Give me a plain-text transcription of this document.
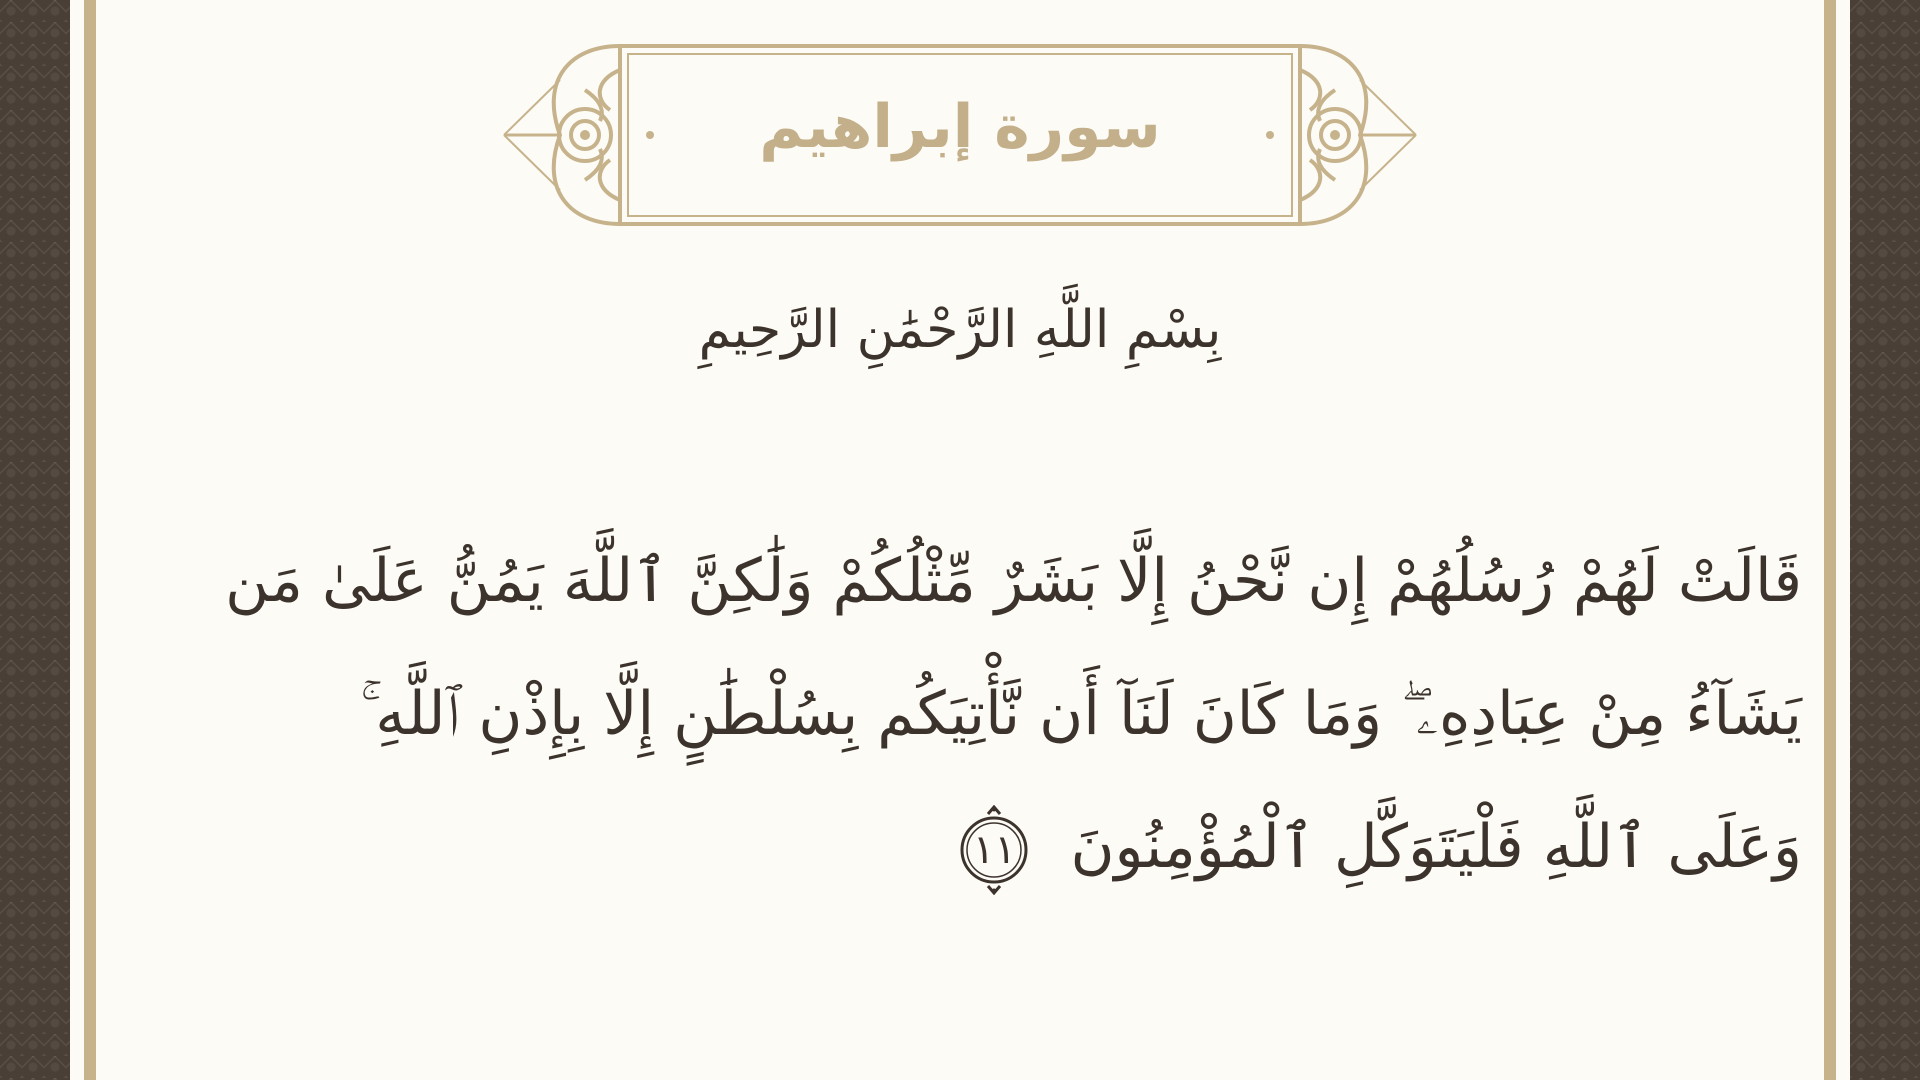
سورة إبراهيم
بِسْمِ اللَّهِ الرَّحْمَٰنِ الرَّحِيمِ
قَالَتْ لَهُمْ رُسُلُهُمْ إِن نَّحْنُ إِلَّا بَشَرٌ مِّثْلُكُمْ وَلَٰكِنَّ ٱللَّهَ يَمُنُّ عَلَىٰ مَن
يَشَآءُ مِنْ عِبَادِهِۦ ۖ وَمَا كَانَ لَنَآ أَن نَّأْتِيَكُم بِسُلْطَٰنٍ إِلَّا بِإِذْنِ ٱللَّهِ ۚ
وَعَلَى ٱللَّهِ فَلْيَتَوَكَّلِ ٱلْمُؤْمِنُونَ
١١
